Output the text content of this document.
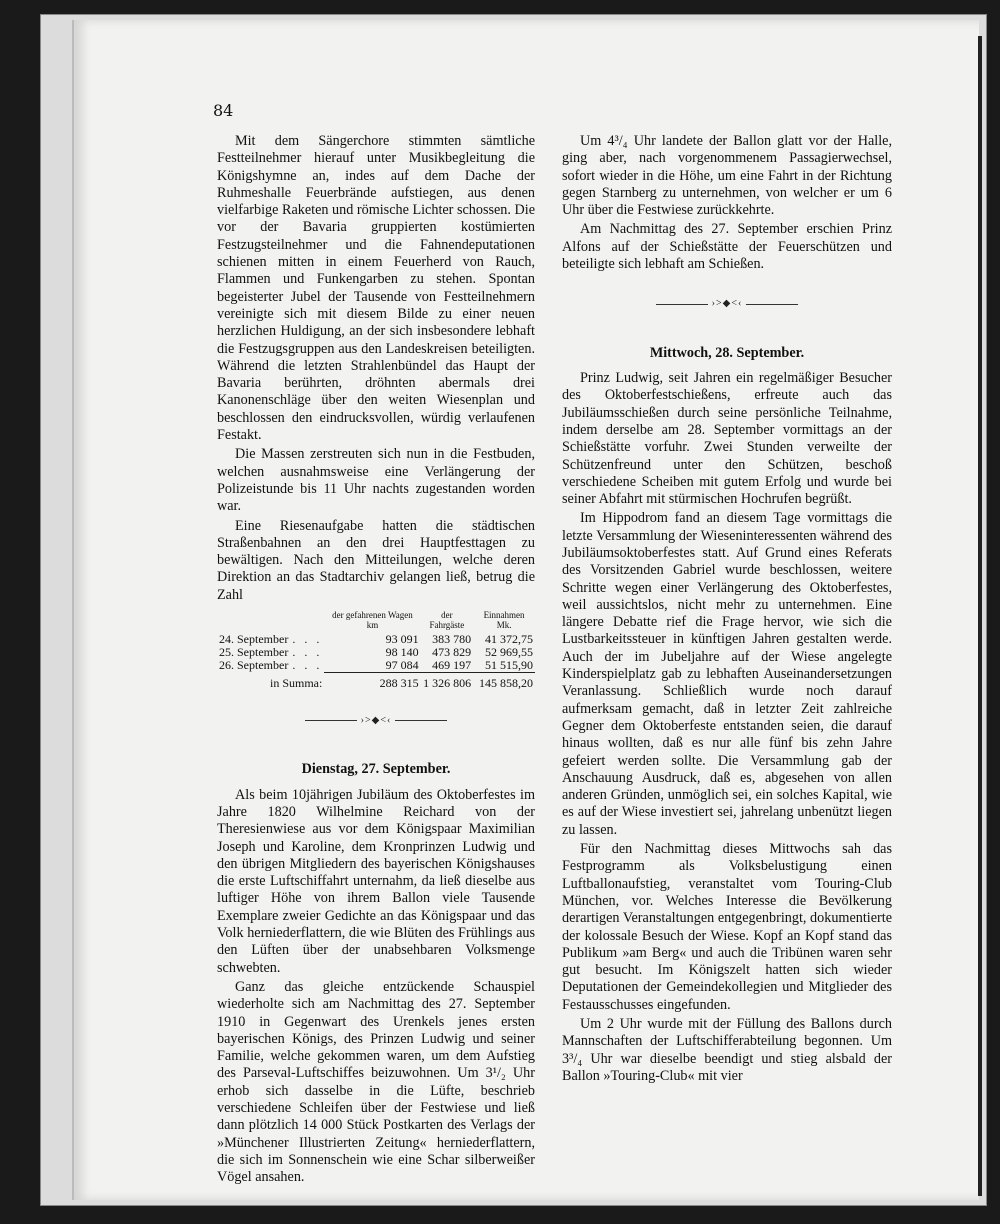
84

Mit dem Sängerchore stimmten sämtliche Festteilnehmer hierauf unter Musikbegleitung die Königshymne an, indes auf dem Dache der Ruhmeshalle Feuerbrände aufstiegen, aus denen vielfarbige Raketen und römische Lichter schossen. Die vor der Bavaria gruppierten kostümierten Festzugsteilnehmer und die Fahnendeputationen schienen mitten in einem Feuerherd von Rauch, Flammen und Funkengarben zu stehen. Spontan begeisterter Jubel der Tausende von Festteilnehmern vereinigte sich mit diesem Bilde zu einer neuen herzlichen Huldigung, an der sich insbesondere lebhaft die Festzugsgruppen aus den Landeskreisen beteiligten. Während die letzten Strahlenbündel das Haupt der Bavaria berührten, dröhnten abermals drei Kanonenschläge über den weiten Wiesenplan und beschlossen den eindrucksvollen, würdig verlaufenen Festakt.

Die Massen zerstreuten sich nun in die Festbuden, welchen ausnahmsweise eine Verlängerung der Polizeistunde bis 11 Uhr nachts zugestanden worden war.

Eine Riesenaufgabe hatten die städtischen Straßenbahnen an den drei Hauptfesttagen zu bewältigen. Nach den Mitteilungen, welche deren Direktion an das Stadtarchiv gelangen ließ, betrug die Zahl

		der gefahrenen Wagen km	der Fahrgäste	Einnahmen Mk.
24. September	. . .	93 091	383 780	41 372,75
25. September	. . .	98 140	473 829	52 969,55
26. September	. . .	97 084	469 197	51 515,90
in Summa:		288 315	1 326 806	145 858,20
›>◆<‹
Dienstag, 27. September.

Als beim 10jährigen Jubiläum des Oktoberfestes im Jahre 1820 Wilhelmine Reichard von der Theresienwiese aus vor dem Königspaar Maximilian Joseph und Karoline, dem Kronprinzen Ludwig und den übrigen Mitgliedern des bayerischen Königshauses die erste Luftschiffahrt unternahm, da ließ dieselbe aus luftiger Höhe von ihrem Ballon viele Tausende Exemplare zweier Gedichte an das Königspaar und das Volk herniederflattern, die wie Blüten des Frühlings aus den Lüften über der unabsehbaren Volksmenge schwebten.

Ganz das gleiche entzückende Schauspiel wiederholte sich am Nachmittag des 27. September 1910 in Gegenwart des Urenkels jenes ersten bayerischen Königs, des Prinzen Ludwig und seiner Familie, welche gekommen waren, um dem Aufstieg des Parseval-Luftschiffes beizuwohnen. Um 3¹/₂ Uhr erhob sich dasselbe in die Lüfte, beschrieb verschiedene Schleifen über der Festwiese und ließ dann plötzlich 14 000 Stück Postkarten des Verlags der »Münchener Illustrierten Zeitung« herniederflattern, die sich im Sonnenschein wie eine Schar silberweißer Vögel ansahen.

Um 4³/₄ Uhr landete der Ballon glatt vor der Halle, ging aber, nach vorgenommenem Passagierwechsel, sofort wieder in die Höhe, um eine Fahrt in der Richtung gegen Starnberg zu unternehmen, von welcher er um 6 Uhr über die Festwiese zurückkehrte.

Am Nachmittag des 27. September erschien Prinz Alfons auf der Schießstätte der Feuerschützen und beteiligte sich lebhaft am Schießen.

›>◆<‹
Mittwoch, 28. September.

Prinz Ludwig, seit Jahren ein regelmäßiger Besucher des Oktoberfestschießens, erfreute auch das Jubiläumsschießen durch seine persönliche Teilnahme, indem derselbe am 28. September vormittags an der Schießstätte vorfuhr. Zwei Stunden verweilte der Schützenfreund unter den Schützen, beschoß verschiedene Scheiben mit gutem Erfolg und wurde bei seiner Abfahrt mit stürmischen Hochrufen begrüßt.

Im Hippodrom fand an diesem Tage vormittags die letzte Versammlung der Wieseninteressenten während des Jubiläumsoktoberfestes statt. Auf Grund eines Referats des Vorsitzenden Gabriel wurde beschlossen, weitere Schritte wegen einer Verlängerung des Oktoberfestes, weil aussichtslos, nicht mehr zu unternehmen. Eine längere Debatte rief die Frage hervor, wie sich die Lustbarkeitssteuer in künftigen Jahren gestalten werde. Auch der im Jubeljahre auf der Wiese angelegte Kinderspielplatz gab zu lebhaften Auseinandersetzungen Veranlassung. Schließlich wurde noch darauf aufmerksam gemacht, daß in letzter Zeit zahlreiche Gegner dem Oktoberfeste entstanden seien, die darauf hinaus wollten, daß es nur alle fünf bis zehn Jahre gefeiert werden sollte. Die Versammlung gab der Anschauung Ausdruck, daß es, abgesehen von allen anderen Gründen, unmöglich sei, ein solches Kapital, wie es auf der Wiese investiert sei, jahrelang unbenützt liegen zu lassen.

Für den Nachmittag dieses Mittwochs sah das Festprogramm als Volksbelustigung einen Luftballonaufstieg, veranstaltet vom Touring-Club München, vor. Welches Interesse die Bevölkerung derartigen Veranstaltungen entgegenbringt, dokumentierte der kolossale Besuch der Wiese. Kopf an Kopf stand das Publikum »am Berg« und auch die Tribünen waren sehr gut besucht. Im Königszelt hatten sich wieder Deputationen der Gemeindekollegien und Mitglieder des Festausschusses eingefunden.

Um 2 Uhr wurde mit der Füllung des Ballons durch Mannschaften der Luftschifferabteilung begonnen. Um 3³/₄ Uhr war dieselbe beendigt und stieg alsbald der Ballon »Touring-Club« mit vier
